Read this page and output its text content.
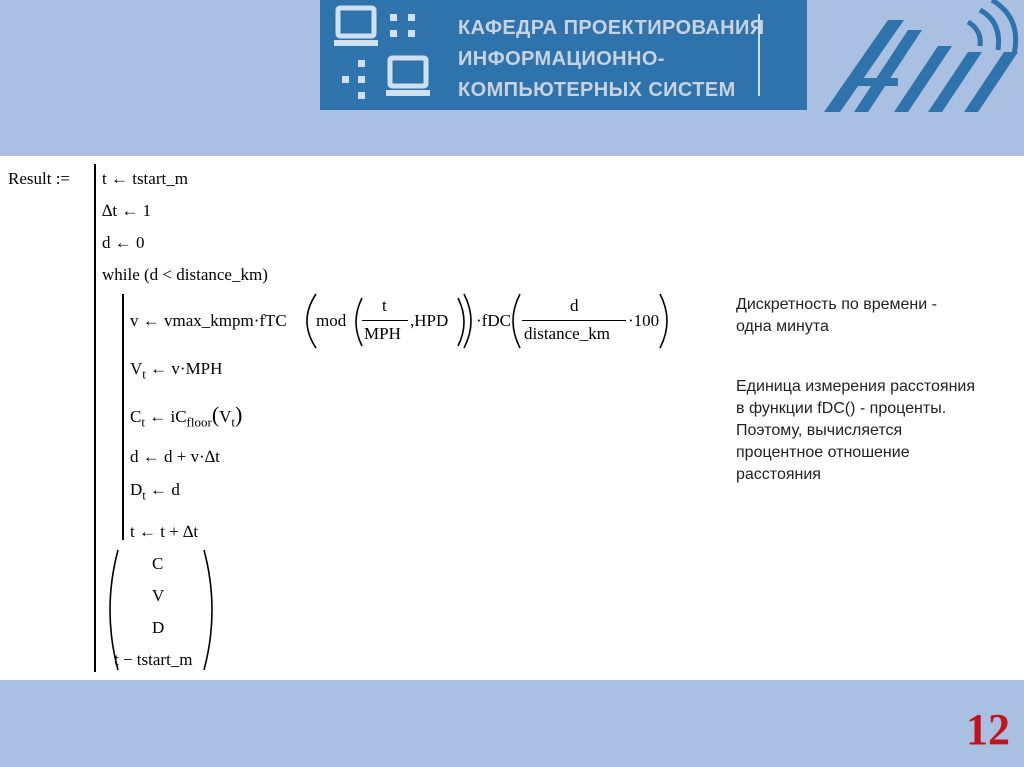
КАФЕДРА ПРОЕКТИРОВАНИЯ
ИНФОРМАЦИОННО-
КОМПЬЮТЕРНЫХ СИСТЕМ

Result := t ← tstart_m
∆t ← 1
d ← 0
while (d < distance_km)
v ← vmax_kmpm·fTC mod
t
MPH
,HPD ·fDC
d
distance_km
·100
$V_t$ ← v·MPH
$C_t$ ← $iC_{floor}(V_t)$
d ← d + v·∆t
$D_t$ ← d
t ← t + ∆t
C
V
D
t − tstart_m

Дискретность по времени -
одна минута

Единица измерения расстояния
в функции fDC() - проценты.
Поэтому, вычисляется
процентное отношение
расстояния

12
